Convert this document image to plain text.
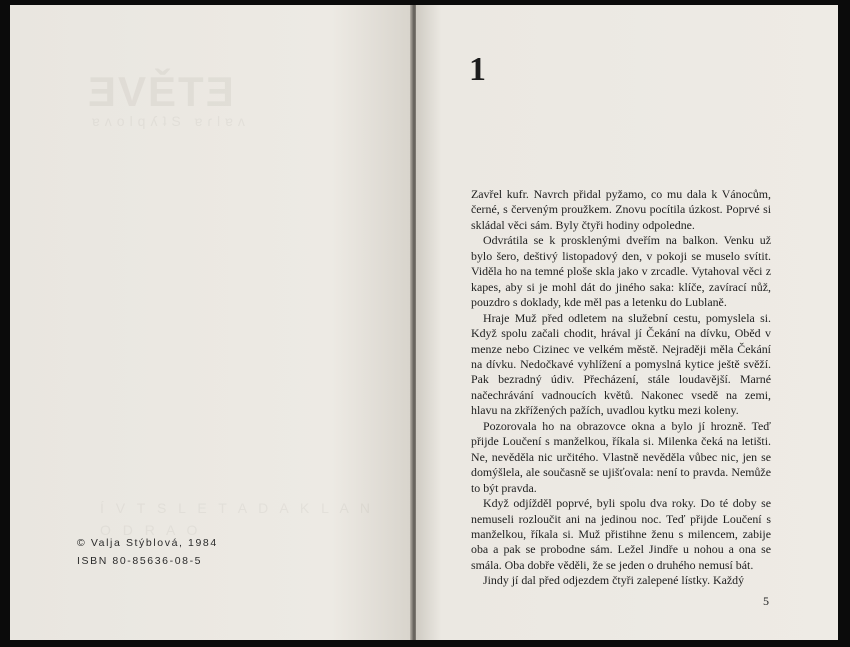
ƎVĚTƎ
ɐʌolqʎʇS ɐɾlɐʌ
Í V T S L E T A D A K L A N
O D R A O
© Valja Stýblová, 1984
ISBN 80-85636-08-5
1

Zavřel kufr. Navrch přidal pyžamo, co mu dala k Vánocům, černé, s červeným proužkem. Znovu pocítila úzkost. Poprvé si skládal věci sám. Byly čtyři hodiny odpoledne.

Odvrátila se k prosklenými dveřím na balkon. Venku už bylo šero, deštivý listopadový den, v pokoji se muselo svítit. Viděla ho na temné ploše skla jako v zrcadle. Vytahoval věci z kapes, aby si je mohl dát do jiného saka: klíče, zavírací nůž, pouzdro s doklady, kde měl pas a letenku do Lublaně.

Hraje Muž před odletem na služební cestu, pomyslela si. Když spolu začali chodit, hrával jí Čekání na dívku, Oběd v menze nebo Cizinec ve velkém městě. Nejraději měla Čekání na dívku. Nedočkavé vyhlížení a pomyslná kytice ještě svěží. Pak bezradný údiv. Přecházení, stále loudavější. Marné načechrávání vadnoucích květů. Nakonec vsedě na zemi, hlavu na zkřížených pažích, uvadlou kytku mezi koleny.

Pozorovala ho na obrazovce okna a bylo jí hrozně. Teď přijde Loučení s manželkou, říkala si. Milenka čeká na letišti. Ne, nevěděla nic určitého. Vlastně nevěděla vůbec nic, jen se domýšlela, ale současně se ujišťovala: není to pravda. Nemůže to být pravda.

Když odjížděl poprvé, byli spolu dva roky. Do té doby se nemuseli rozloučit ani na jedinou noc. Teď přijde Loučení s manželkou, říkala si. Muž přistihne ženu s milencem, zabije oba a pak se probodne sám. Ležel Jindře u nohou a ona se smála. Oba dobře věděli, že se jeden o druhého nemusí bát.

Jindy jí dal před odjezdem čtyři zalepené lístky. Každý

5
